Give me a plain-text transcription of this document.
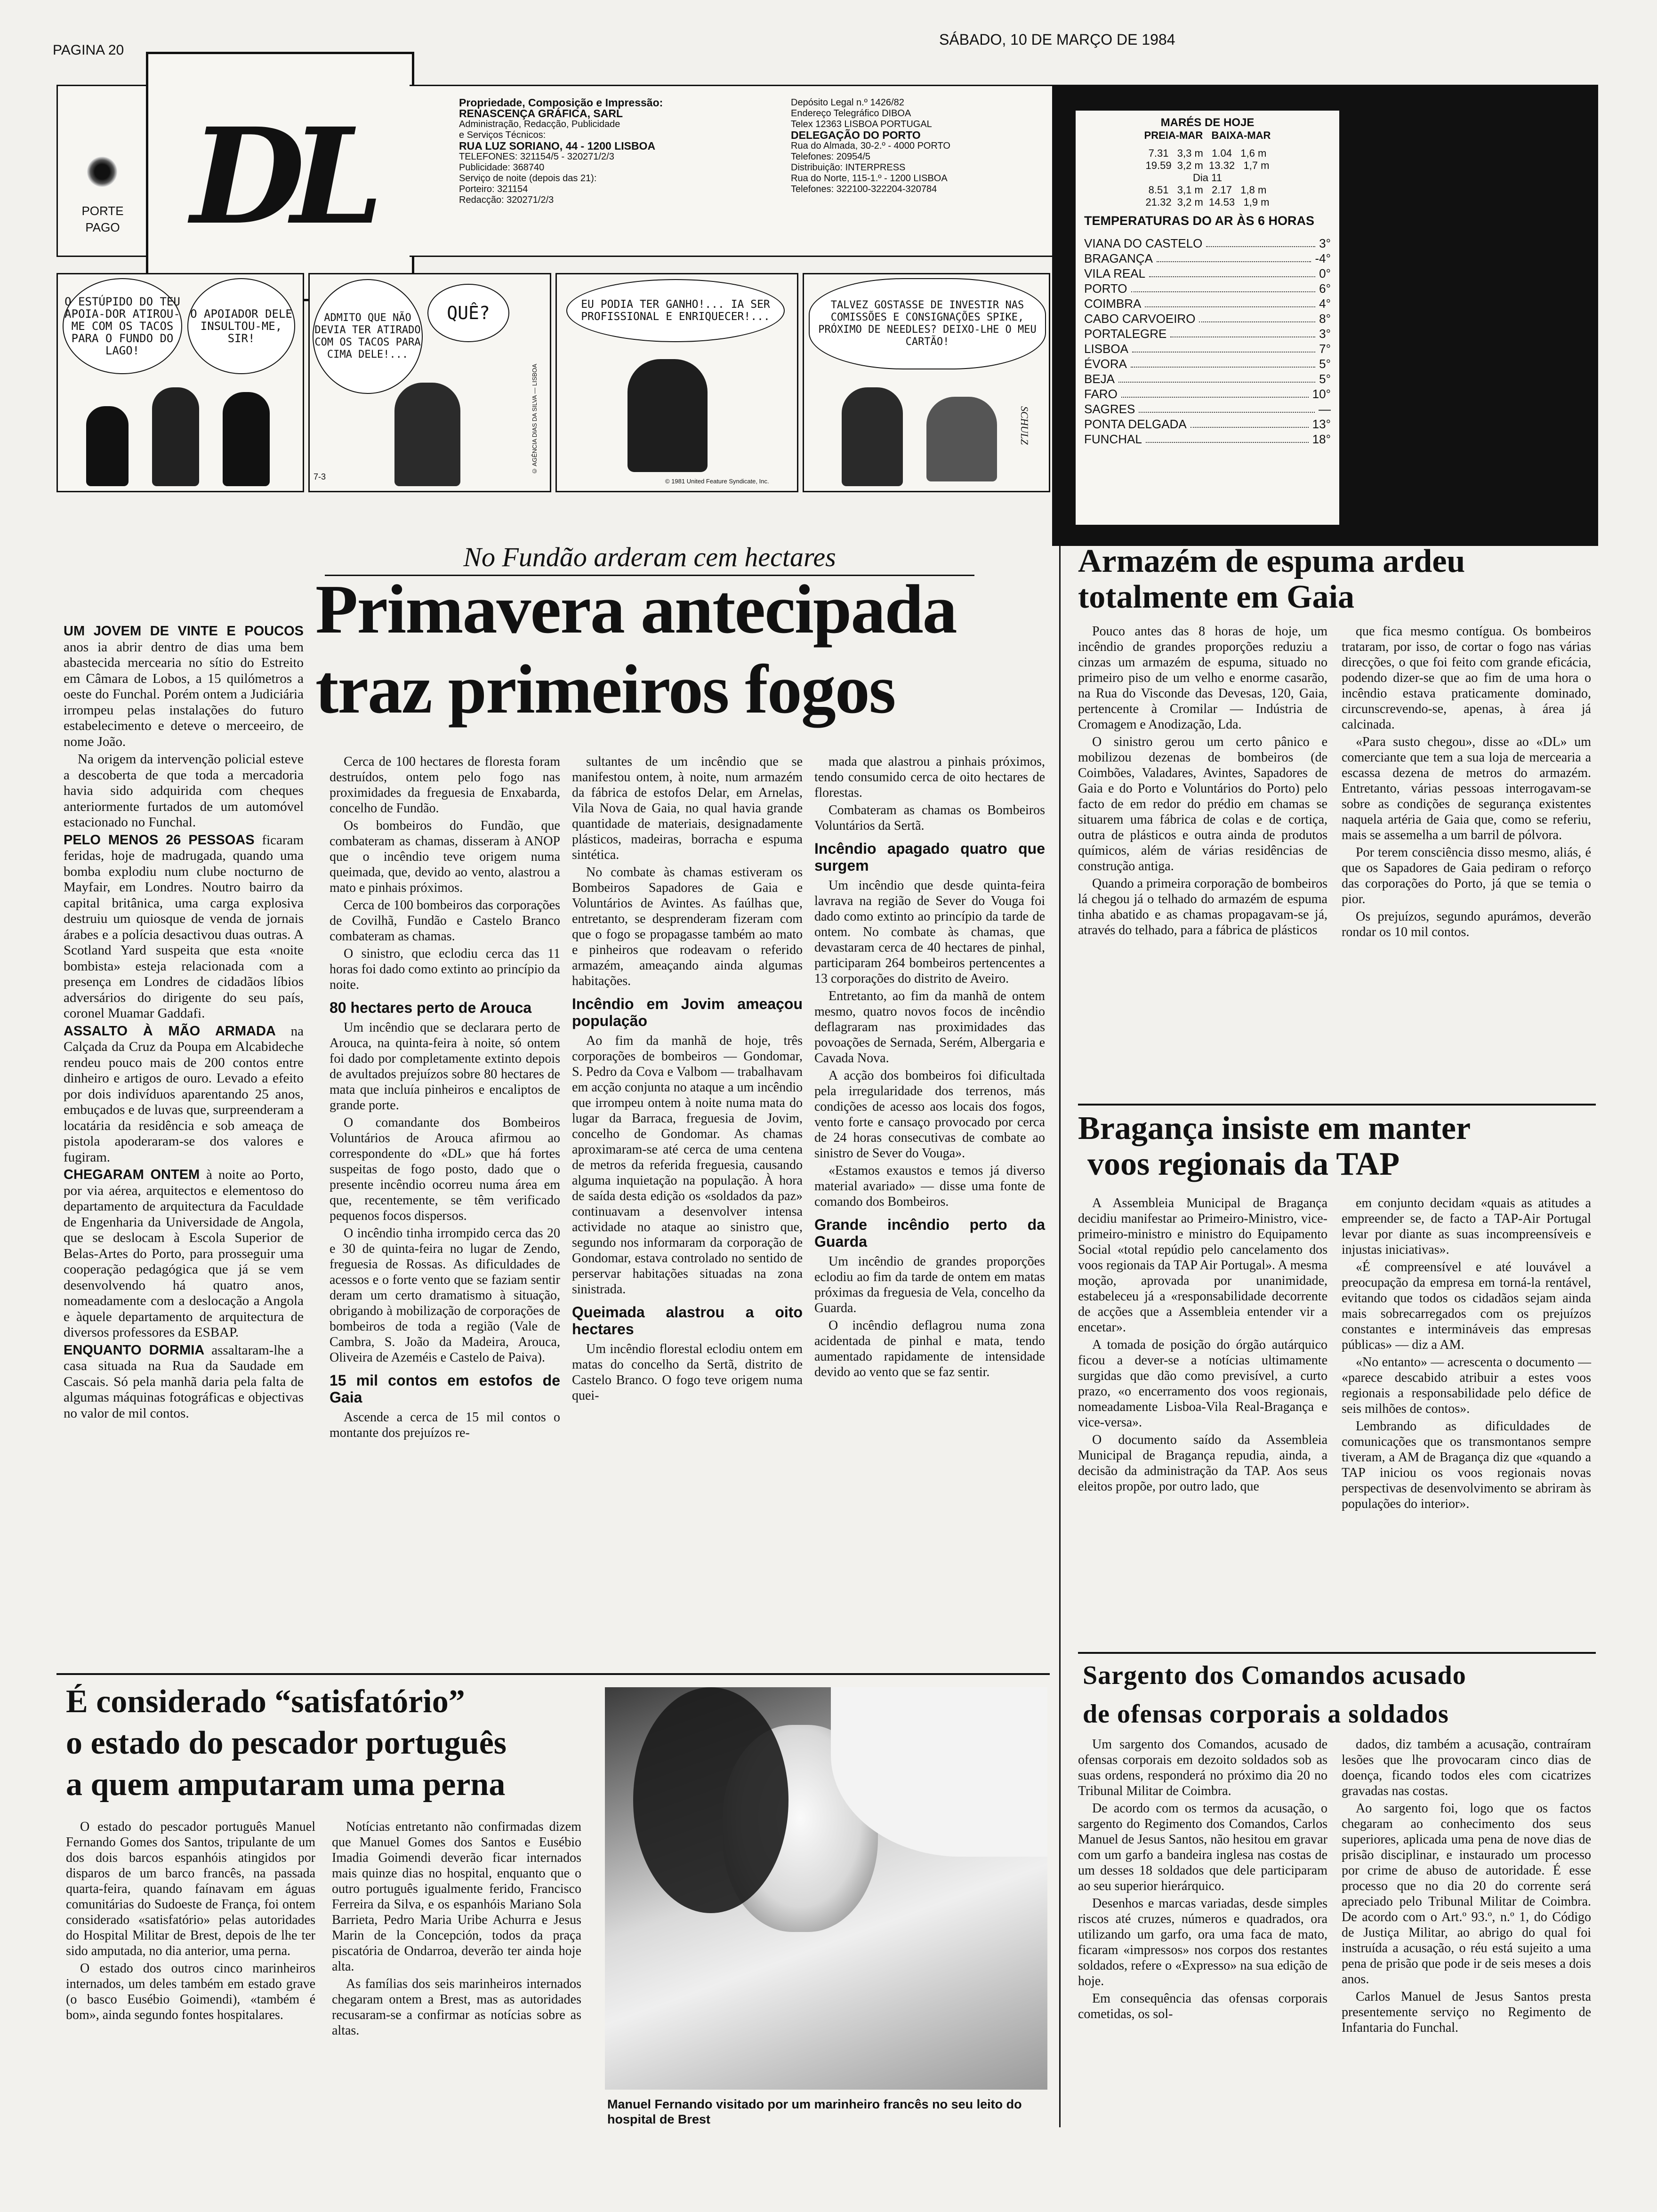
PAGINA 20
SÁBADO, 10 DE MARÇO DE 1984
PORTE
PAGO DL	Propriedade, Composição e Impressão:
RENASCENÇA GRÁFICA, SARL
Administração, Redacção, Publicidade
e Serviços Técnicos:
RUA LUZ SORIANO, 44 - 1200 LISBOA
TELEFONES: 321154/5 - 320271/2/3
Publicidade: 368740
Serviço de noite (depois das 21):
Porteiro: 321154
Redacção: 320271/2/3
Depósito Legal n.º 1426/82
Endereço Telegráfico DIBOA
Telex 12363 LISBOA PORTUGAL
DELEGAÇÃO DO PORTO
Rua do Almada, 30-2.º - 4000 PORTO
Telefones: 20954/5
Distribuição: INTERPRESS
Rua do Norte, 115-1.º - 1200 LISBOA
Telefones: 322100-322204-320784
MARÉS DE HOJE
PREIA-MAR   BAIXA-MAR
7.31   3,3 m   1.04   1,6 m
19.59  3,2 m  13.32   1,7 m
Dia 11
8.51   3,1 m   2.17   1,8 m
21.32  3,2 m  14.53   1,9 m
TEMPERATURAS DO AR ÀS 6 HORAS
VIANA DO CASTELO	3°
BRAGANÇA	-4°
VILA REAL	0°
PORTO	6°
COIMBRA	4°
CABO CARVOEIRO	8°
PORTALEGRE	3°
LISBOA	7°
ÉVORA	5°
BEJA	5°
FARO	10°
SAGRES	—
PONTA DELGADA	13°
FUNCHAL	18°
O ESTÚPIDO DO TEU APOIA-DOR ATIROU-ME COM OS TACOS PARA O FUNDO DO LAGO!
O APOIADOR DELE INSULTOU-ME, SIR!
ADMITO QUE NÃO DEVIA TER ATIRADO COM OS TACOS PARA CIMA DELE!...
QUÊ?
7-3
© AGÊNCIA DIAS DA SILVA — LISBOA
EU PODIA TER GANHO!... IA SER PROFISSIONAL E ENRIQUECER!...
© 1981 United Feature Syndicate, Inc.
TALVEZ GOSTASSE DE INVESTIR NAS COMISSÕES E CONSIGNAÇÕES SPIKE, PRÓXIMO DE NEEDLES? DEIXO-LHE O MEU CARTÃO!
SCHULZ

UM JOVEM DE VINTE E POUCOS anos ia abrir dentro de dias uma bem abastecida mercearia no sítio do Estreito em Câmara de Lobos, a 15 quilómetros a oeste do Funchal. Porém ontem a Judiciária irrompeu pelas instalações do futuro estabelecimento e deteve o merceeiro, de nome João.

Na origem da intervenção policial esteve a descoberta de que toda a mercadoria havia sido adquirida com cheques anteriormente furtados de um automóvel estacionado no Funchal.

PELO MENOS 26 PESSOAS ficaram feridas, hoje de madrugada, quando uma bomba explodiu num clube nocturno de Mayfair, em Londres. Noutro bairro da capital britânica, uma carga explosiva destruiu um quiosque de venda de jornais árabes e a polícia desactivou duas outras. A Scotland Yard suspeita que esta «noite bombista» esteja relacionada com a presença em Londres de cidadãos líbios adversários do dirigente do seu país, coronel Muamar Gaddafi.

ASSALTO À MÃO ARMADA na Calçada da Cruz da Poupa em Alcabideche rendeu pouco mais de 200 contos entre dinheiro e artigos de ouro. Levado a efeito por dois indivíduos aparentando 25 anos, embuçados e de luvas que, surpreenderam a locatária da residência e sob ameaça de pistola apoderaram-se dos valores e fugiram.

CHEGARAM ONTEM à noite ao Porto, por via aérea, arquitectos e elementoso do departamento de arquitectura da Faculdade de Engenharia da Universidade de Angola, que se deslocam à Escola Superior de Belas-Artes do Porto, para prosseguir uma cooperação pedagógica que já se vem desenvolvendo há quatro anos, nomeadamente com a deslocação a Angola e àquele departamento de arquitectura de diversos professores da ESBAP.

ENQUANTO DORMIA assaltaram-lhe a casa situada na Rua da Saudade em Cascais. Só pela manhã daria pela falta de algumas máquinas fotográficas e objectivas no valor de mil contos.

No Fundão arderam cem hectares
Primavera antecipada
traz primeiros fogos

Cerca de 100 hectares de floresta foram destruídos, ontem pelo fogo nas proximidades da freguesia de Enxabarda, concelho de Fundão.

Os bombeiros do Fundão, que combateram as chamas, disseram à ANOP que o incêndio teve origem numa queimada, que, devido ao vento, alastrou a mato e pinhais próximos.

Cerca de 100 bombeiros das corporações de Covilhã, Fundão e Castelo Branco combateram as chamas.

O sinistro, que eclodiu cerca das 11 horas foi dado como extinto ao princípio da noite.

80 hectares perto de Arouca

Um incêndio que se declarara perto de Arouca, na quinta-feira à noite, só ontem foi dado por completamente extinto depois de avultados prejuízos sobre 80 hectares de mata que incluía pinheiros e encaliptos de grande porte.

O comandante dos Bombeiros Voluntários de Arouca afirmou ao correspondente do «DL» que há fortes suspeitas de fogo posto, dado que o presente incêndio ocorreu numa área em que, recentemente, se têm verificado pequenos focos dispersos.

O incêndio tinha irrompido cerca das 20 e 30 de quinta-feira no lugar de Zendo, freguesia de Rossas. As dificuldades de acessos e o forte vento que se faziam sentir deram um certo dramatismo à situação, obrigando à mobilização de corporações de bombeiros de toda a região (Vale de Cambra, S. João da Madeira, Arouca, Oliveira de Azeméis e Castelo de Paiva).

15 mil contos em estofos de Gaia

Ascende a cerca de 15 mil contos o montante dos prejuízos re-

sultantes de um incêndio que se manifestou ontem, à noite, num armazém da fábrica de estofos Delar, em Arnelas, Vila Nova de Gaia, no qual havia grande quantidade de materiais, designadamente plásticos, madeiras, borracha e espuma sintética.

No combate às chamas estiveram os Bombeiros Sapadores de Gaia e Voluntários de Avintes. As faúlhas que, entretanto, se desprenderam fizeram com que o fogo se propagasse também ao mato e pinheiros que rodeavam o referido armazém, ameaçando ainda algumas habitações.

Incêndio em Jovim ameaçou população

Ao fim da manhã de hoje, três corporações de bombeiros — Gondomar, S. Pedro da Cova e Valbom — trabalhavam em acção conjunta no ataque a um incêndio que irrompeu ontem à noite numa mata do lugar da Barraca, freguesia de Jovim, concelho de Gondomar. As chamas aproximaram-se até cerca de uma centena de metros da referida freguesia, causando alguma inquietação na população. À hora de saída desta edição os «soldados da paz» continuavam a desenvolver intensa actividade no ataque ao sinistro que, segundo nos informaram da corporação de Gondomar, estava controlado no sentido de perservar habitações situadas na zona sinistrada.

Queimada alastrou a oito hectares

Um incêndio florestal eclodiu ontem em matas do concelho da Sertã, distrito de Castelo Branco. O fogo teve origem numa quei-

mada que alastrou a pinhais próximos, tendo consumido cerca de oito hectares de florestas.

Combateram as chamas os Bombeiros Voluntários da Sertã.

Incêndio apagado quatro que surgem

Um incêndio que desde quinta-feira lavrava na região de Sever do Vouga foi dado como extinto ao princípio da tarde de ontem. No combate às chamas, que devastaram cerca de 40 hectares de pinhal, participaram 264 bombeiros pertencentes a 13 corporações do distrito de Aveiro.

Entretanto, ao fim da manhã de ontem mesmo, quatro novos focos de incêndio deflagraram nas proximidades das povoações de Sernada, Serém, Albergaria e Cavada Nova.

A acção dos bombeiros foi dificultada pela irregularidade dos terrenos, más condições de acesso aos locais dos fogos, vento forte e cansaço provocado por cerca de 24 horas consecutivas de combate ao sinistro de Sever do Vouga».

«Estamos exaustos e temos já diverso material avariado» — disse uma fonte de comando dos Bombeiros.

Grande incêndio perto da Guarda

Um incêndio de grandes proporções eclodiu ao fim da tarde de ontem em matas próximas da freguesia de Vela, concelho da Guarda.

O incêndio deflagrou numa zona acidentada de pinhal e mata, tendo aumentado rapidamente de intensidade devido ao vento que se faz sentir.

Armazém de espuma ardeu
totalmente em Gaia

Pouco antes das 8 horas de hoje, um incêndio de grandes proporções reduziu a cinzas um armazém de espuma, situado no primeiro piso de um velho e enorme casarão, na Rua do Visconde das Devesas, 120, Gaia, pertencente à Cromilar — Indústria de Cromagem e Anodização, Lda.

O sinistro gerou um certo pânico e mobilizou dezenas de bombeiros (de Coimbões, Valadares, Avintes, Sapadores de Gaia e do Porto e Voluntários do Porto) pelo facto de em redor do prédio em chamas se situarem uma fábrica de colas e de cortiça, outra de plásticos e outra ainda de produtos químicos, além de várias residências de construção antiga.

Quando a primeira corporação de bombeiros lá chegou já o telhado do armazém de espuma tinha abatido e as chamas propagavam-se já, através do telhado, para a fábrica de plásticos

que fica mesmo contígua. Os bombeiros trataram, por isso, de cortar o fogo nas várias direcções, o que foi feito com grande eficácia, podendo dizer-se que ao fim de uma hora o incêndio estava praticamente dominado, circunscrevendo-se, apenas, à área já calcinada.

«Para susto chegou», disse ao «DL» um comerciante que tem a sua loja de mercearia a escassa dezena de metros do armazém. Entretanto, várias pessoas interrogavam-se sobre as condições de segurança existentes naquela artéria de Gaia que, como se referiu, mais se assemelha a um barril de pólvora.

Por terem consciência disso mesmo, aliás, é que os Sapadores de Gaia pediram o reforço das corporações do Porto, já que se temia o pior.

Os prejuízos, segundo apurámos, deverão rondar os 10 mil contos.

Bragança insiste em manter
voos regionais da TAP

A Assembleia Municipal de Bragança decidiu manifestar ao Primeiro-Ministro, vice-primeiro-ministro e ministro do Equipamento Social «total repúdio pelo cancelamento dos voos regionais da TAP Air Portugal». A mesma moção, aprovada por unanimidade, estabeleceu já a «responsabilidade decorrente de acções que a Assembleia entender vir a encetar».

A tomada de posição do órgão autárquico ficou a dever-se a notícias ultimamente surgidas que dão como previsível, a curto prazo, «o encerramento dos voos regionais, nomeadamente Lisboa-Vila Real-Bragança e vice-versa».

O documento saído da Assembleia Municipal de Bragança repudia, ainda, a decisão da administração da TAP. Aos seus eleitos propõe, por outro lado, que

em conjunto decidam «quais as atitudes a empreender se, de facto a TAP-Air Portugal levar por diante as suas incompreensíveis e injustas iniciativas».

«É compreensível e até louvável a preocupação da empresa em torná-la rentável, evitando que todos os cidadãos sejam ainda mais sobrecarregados com os prejuízos constantes e intermináveis das empresas públicas» — diz a AM.

«No entanto» — acrescenta o documento — «parece descabido atribuir a estes voos regionais a responsabilidade pelo défice de seis milhões de contos».

Lembrando as dificuldades de comunicações que os transmontanos sempre tiveram, a AM de Bragança diz que «quando a TAP iniciou os voos regionais novas perspectivas de desenvolvimento se abriram às populações do interior».

É considerado “satisfatório”
o estado do pescador português
a quem amputaram uma perna

O estado do pescador português Manuel Fernando Gomes dos Santos, tripulante de um dos dois barcos espanhóis atingidos por disparos de um barco francês, na passada quarta-feira, quando faínavam em águas comunitárias do Sudoeste de França, foi ontem considerado «satisfatório» pelas autoridades do Hospital Militar de Brest, depois de lhe ter sido amputada, no dia anterior, uma perna.

O estado dos outros cinco marinheiros internados, um deles também em estado grave (o basco Eusébio Goimendi), «também é bom», ainda segundo fontes hospitalares.

Notícias entretanto não confirmadas dizem que Manuel Gomes dos Santos e Eusébio Imadia Goimendi deverão ficar internados mais quinze dias no hospital, enquanto que o outro português igualmente ferido, Francisco Ferreira da Silva, e os espanhóis Mariano Sola Barrieta, Pedro Maria Uribe Achurra e Jesus Marin de la Concepción, todos da praça piscatória de Ondarroa, deverão ter ainda hoje alta.

As famílias dos seis marinheiros internados chegaram ontem a Brest, mas as autoridades recusaram-se a confirmar as notícias sobre as altas.

Manuel Fernando visitado por um marinheiro francês no seu leito do hospital de Brest
Sargento dos Comandos acusado
de ofensas corporais a soldados

Um sargento dos Comandos, acusado de ofensas corporais em dezoito soldados sob as suas ordens, responderá no próximo dia 20 no Tribunal Militar de Coimbra.

De acordo com os termos da acusação, o sargento do Regimento dos Comandos, Carlos Manuel de Jesus Santos, não hesitou em gravar com um garfo a bandeira inglesa nas costas de um desses 18 soldados que dele participaram ao seu superior hierárquico.

Desenhos e marcas variadas, desde simples riscos até cruzes, números e quadrados, ora utilizando um garfo, ora uma faca de mato, ficaram «impressos» nos corpos dos restantes soldados, refere o «Expresso» na sua edição de hoje.

Em consequência das ofensas corporais cometidas, os sol-

dados, diz também a acusação, contraíram lesões que lhe provocaram cinco dias de doença, ficando todos eles com cicatrizes gravadas nas costas.

Ao sargento foi, logo que os factos chegaram ao conhecimento dos seus superiores, aplicada uma pena de nove dias de prisão disciplinar, e instaurado um processo por crime de abuso de autoridade. É esse processo que no dia 20 do corrente será apreciado pelo Tribunal Militar de Coimbra. De acordo com o Art.º 93.º, n.º 1, do Código de Justiça Militar, ao abrigo do qual foi instruída a acusação, o réu está sujeito a uma pena de prisão que pode ir de seis meses a dois anos.

Carlos Manuel de Jesus Santos presta presentemente serviço no Regimento de Infantaria do Funchal.
